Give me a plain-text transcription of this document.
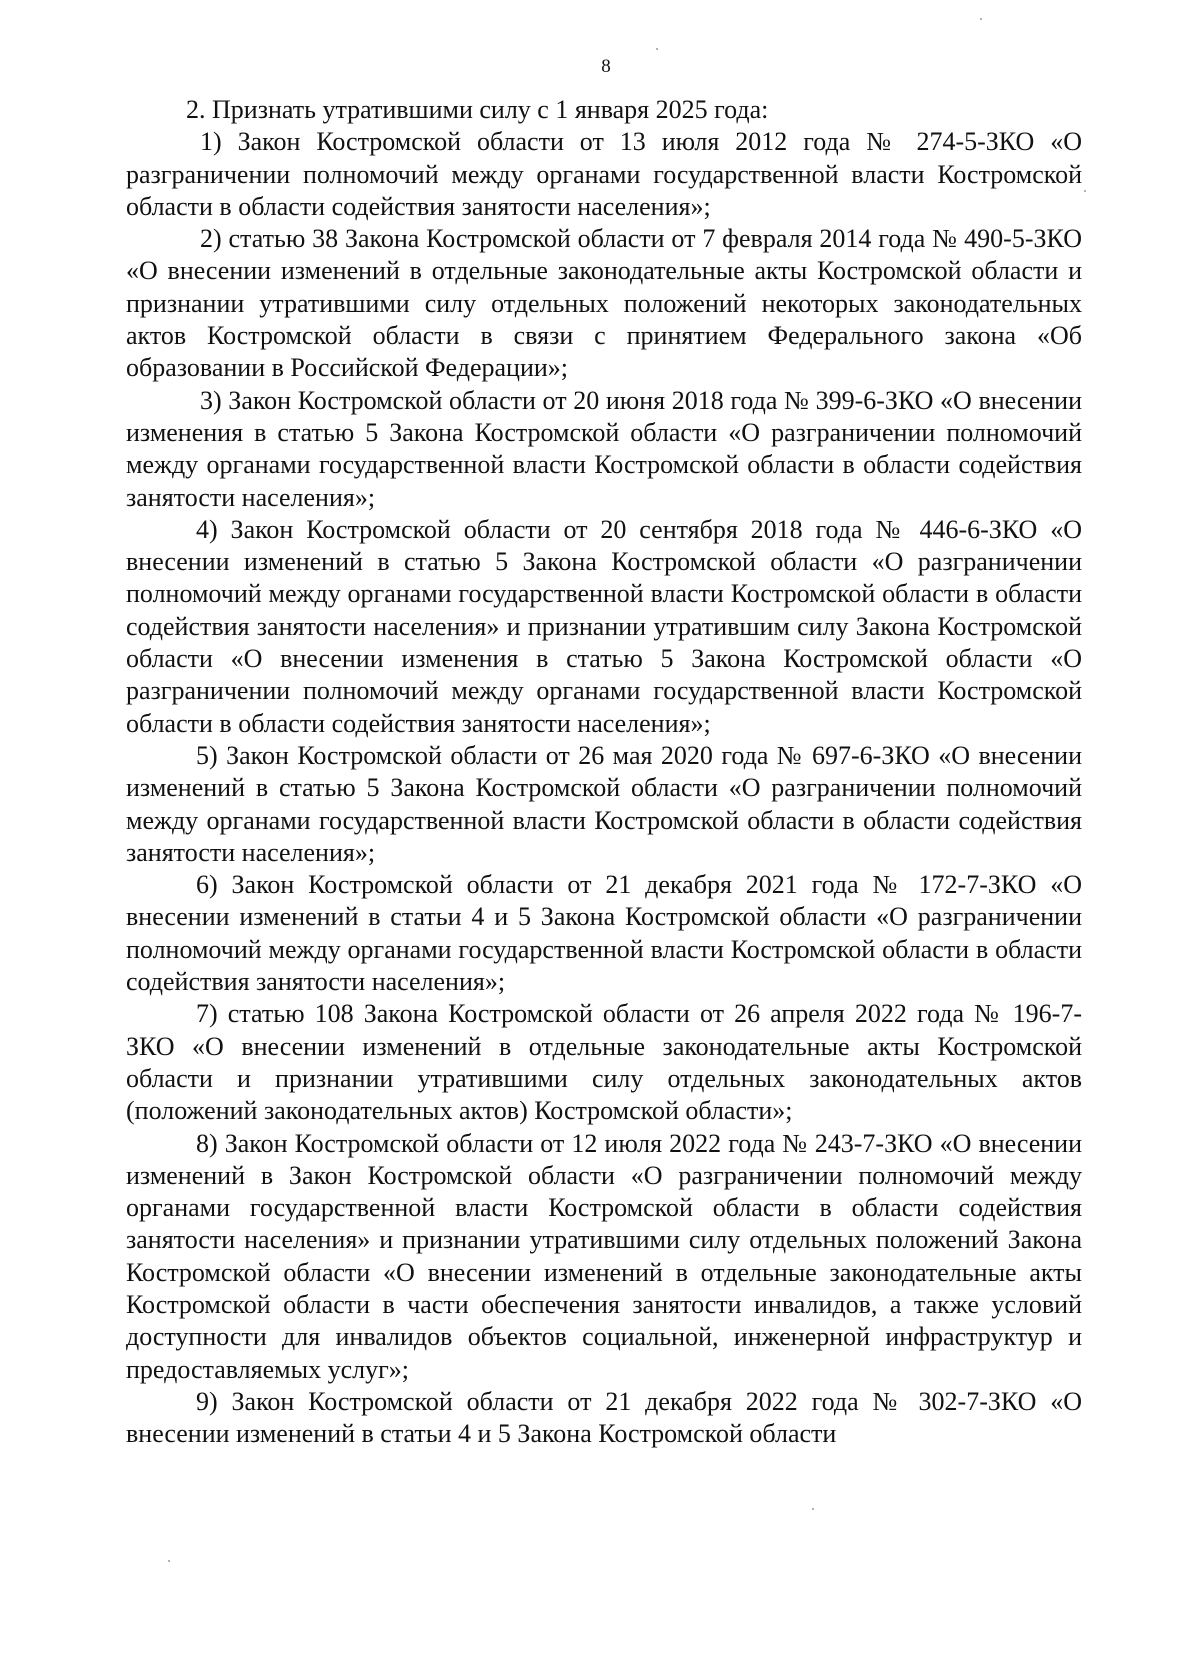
8

2. Признать утратившими силу с 1 января 2025 года:

1) Закон Костромской области от 13 июля 2012 года № 274-5-ЗКО «О разграничении полномочий между органами государственной власти Костромской области в области содействия занятости населения»;

2) статью 38 Закона Костромской области от 7 февраля 2014 года № 490-5-ЗКО «О внесении изменений в отдельные законодательные акты Костромской области и признании утратившими силу отдельных положений некоторых законодательных актов Костромской области в связи с принятием Федерального закона «Об образовании в Российской Федерации»;

3) Закон Костромской области от 20 июня 2018 года № 399-6-ЗКО «О внесении изменения в статью 5 Закона Костромской области «О разграничении полномочий между органами государственной власти Костромской области в области содействия занятости населения»;

4) Закон Костромской области от 20 сентября 2018 года № 446-6-ЗКО «О внесении изменений в статью 5 Закона Костромской области «О разграничении полномочий между органами государственной власти Костромской области в области содействия занятости населения» и признании утратившим силу Закона Костромской области «О внесении изменения в статью 5 Закона Костромской области «О разграничении полномочий между органами государственной власти Костромской области в области содействия занятости населения»;

5) Закон Костромской области от 26 мая 2020 года № 697-6-ЗКО «О внесении изменений в статью 5 Закона Костромской области «О разграничении полномочий между органами государственной власти Костромской области в области содействия занятости населения»;

6) Закон Костромской области от 21 декабря 2021 года № 172-7-ЗКО «О внесении изменений в статьи 4 и 5 Закона Костромской области «О разграничении полномочий между органами государственной власти Костромской области в области содействия занятости населения»;

7) статью 108 Закона Костромской области от 26 апреля 2022 года № 196-7-ЗКО «О внесении изменений в отдельные законодательные акты Костромской области и признании утратившими силу отдельных законодательных актов (положений законодательных актов) Костромской области»;

8) Закон Костромской области от 12 июля 2022 года № 243-7-ЗКО «О внесении изменений в Закон Костромской области «О разграничении полномочий между органами государственной власти Костромской области в области содействия занятости населения» и признании утратившими силу отдельных положений Закона Костромской области «О внесении изменений в отдельные законодательные акты Костромской области в части обеспечения занятости инвалидов, а также условий доступности для инвалидов объектов социальной, инженерной инфраструктур и предоставляемых услуг»;

9) Закон Костромской области от 21 декабря 2022 года № 302-7-ЗКО «О внесении изменений в статьи 4 и 5 Закона Костромской области
